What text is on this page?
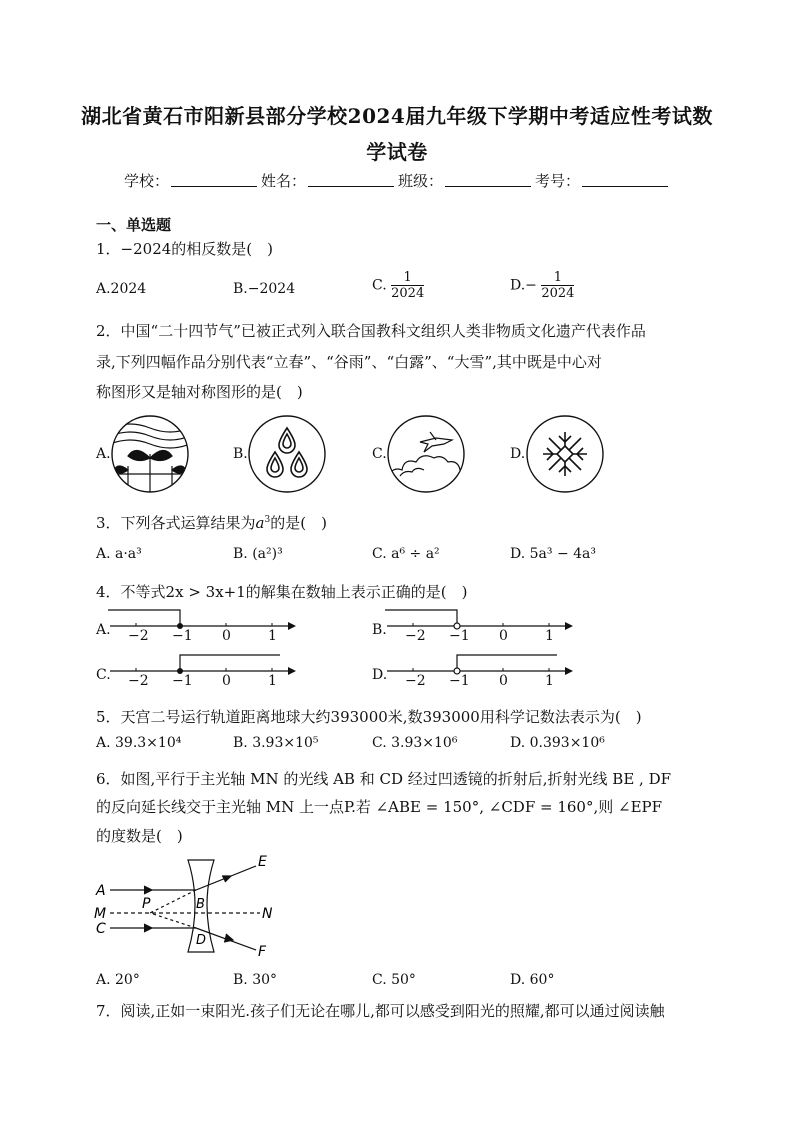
湖北省黄石市阳新县部分学校2024届九年级下学期中考适应性考试数
学试卷
学校：	姓名：	班级：	考号：
一、单选题
1．−2024的相反数是(　)
A.2024	B.−2024	C. $\frac{1}{2024}$	$D.- \frac{1}{2024}$
2．中国“二十四节气”已被正式列入联合国教科文组织人类非物质文化遗产代表作品
录,下列四幅作品分别代表“立春”、“谷雨”、“白露”、“大雪”,其中既是中心对
称图形又是轴对称图形的是(　)
A.	B.	C.	D.
3．下列各式运算结果为$a^3$的是(　)
A. a·a³	B. (a²)³	C. a⁶ ÷ a²	D. 5a³ − 4a³
4．不等式2x > 3x+1的解集在数轴上表示正确的是(　)
A.	B.
C.	D.
−2 −1 0	1	−2 −1 0	1
−2 −1 0	1	−2 −1 0	1
5．天宫二号运行轨道距离地球大约393000米,数393000用科学记数法表示为(　)
A. 39.3×10⁴	B. 3.93×10⁵	C. 3.93×10⁶	D. 0.393×10⁶
6．如图,平行于主光轴 MN 的光线 AB 和 CD 经过凹透镜的折射后,折射光线 BE , DF
的反向延长线交于主光轴 MN 上一点P.若 ∠ABE = 150°, ∠CDF = 160°,则 ∠EPF
的度数是(　)
A
M
C
P	B
D
E
N
F
A. 20°	B. 30°	C. 50°	D. 60°
7．阅读,正如一束阳光.孩子们无论在哪儿,都可以感受到阳光的照耀,都可以通过阅读触
